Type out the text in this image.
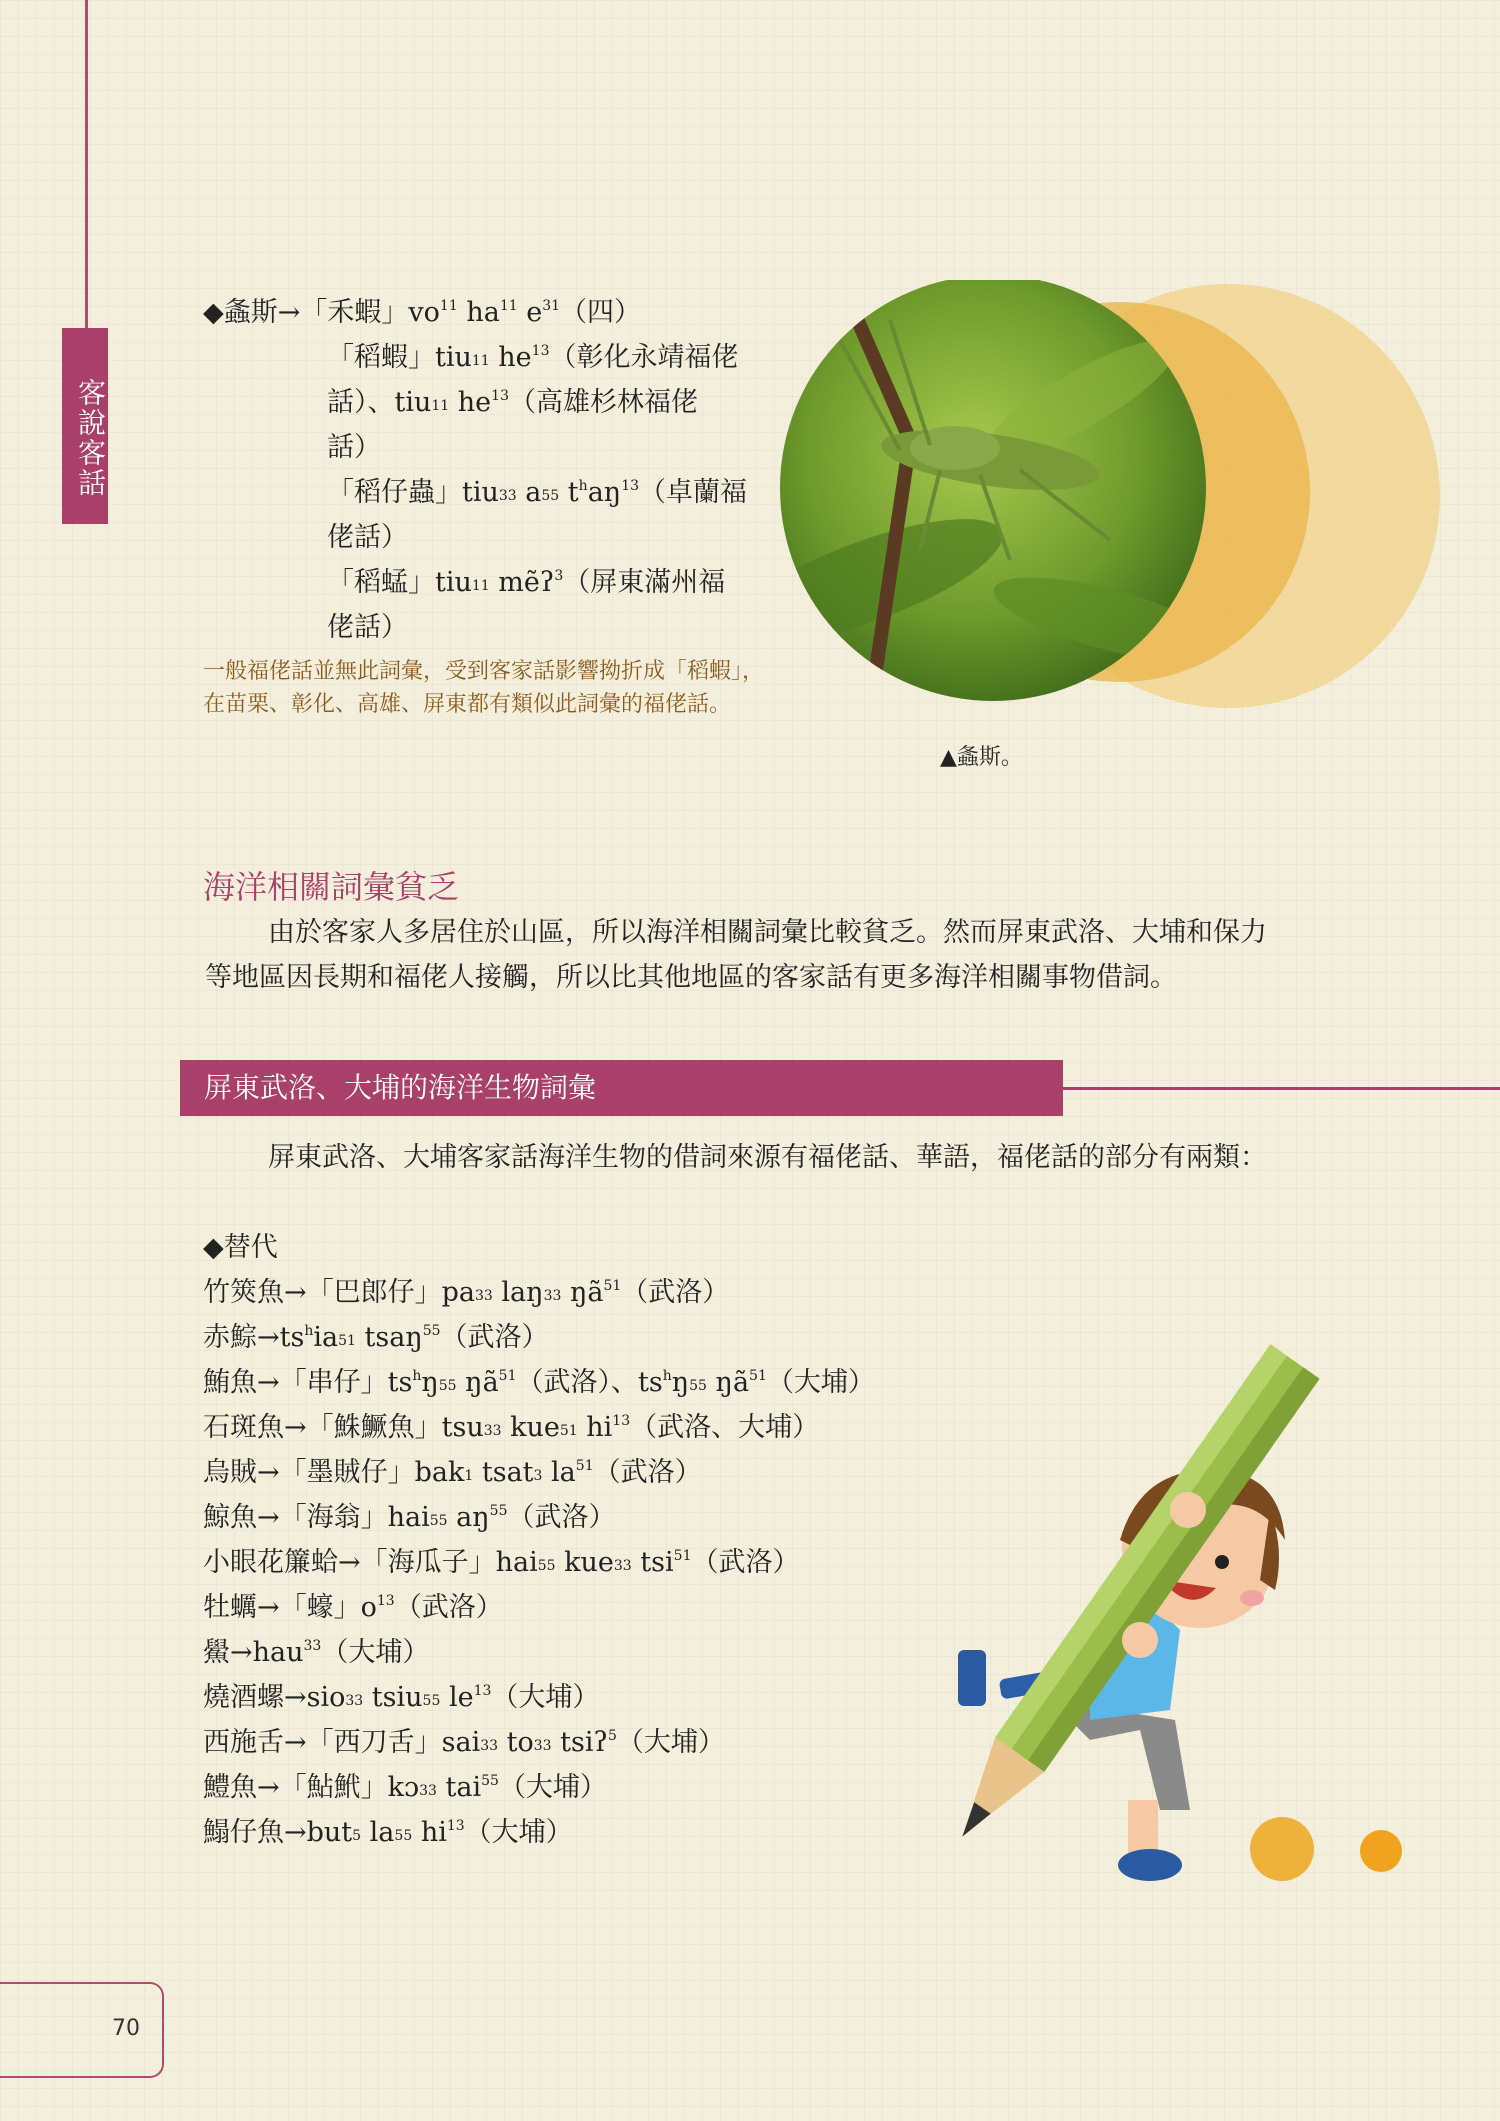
客說客話
◆螽斯→「禾蝦」$vo^{11}$ $ha^{11}$ $e^{31}$（四）
「稻蝦」tiu$_{11}$ $he^{13}$（彰化永靖福佬
話）、tiu$_{11}$ $he^{13}$（高雄杉林福佬
話）
「稻仔蟲」tiu$_{33}$ $a_{55}$ $t^haŋ^{13}$（卓蘭福
佬話）
「稻蜢」tiu$_{11}$ mẽʔ$^3$（屏東滿州福
佬話）
一般福佬話並無此詞彙，受到客家話影響拗折成「稻蝦」，在苗栗、彰化、高雄、屏東都有類似此詞彙的福佬話。
▲螽斯。
海洋相關詞彙貧乏
由於客家人多居住於山區，所以海洋相關詞彙比較貧乏。然而屏東武洛、大埔和保力等地區因長期和福佬人接觸，所以比其他地區的客家話有更多海洋相關事物借詞。
屏東武洛、大埔的海洋生物詞彙
屏東武洛、大埔客家話海洋生物的借詞來源有福佬話、華語，福佬話的部分有兩類：
◆替代
竹筴魚→「巴郎仔」$pa_{33}$ laŋ$_{33}$ $ŋã^{51}$（武洛）
赤鯮$\to ts^hia_{51}$ tsaŋ$^{55}$（武洛）
鮪魚→「串仔」$ts^hŋ_{55}$ $ŋã^{51}$（武洛）、$ts^hŋ_{55}$ $ŋã^{51}$（大埔）
石斑魚→「鮢鱖魚」tsu$_{33}$ kue$_{51}$ $hi^{13}$（武洛、大埔）
烏賊→「墨賊仔」bak$_1$ tsat$_3$ $la^{51}$（武洛）
鯨魚→「海翁」hai$_{55}$ $aŋ^{55}$（武洛）
小眼花簾蛤→「海瓜子」hai$_{55}$ kue$_{33}$ tsi$^{51}$（武洛）
牡蠣→「蠔」$o^{13}$（武洛）
鱟→hau$^{33}$（大埔）
燒酒螺→sio$_{33}$ tsiu$_{55}$ $le^{13}$（大埔）
西施舌→「西刀舌」sai$_{33}$ $to_{33}$ tsiʔ$^5$（大埔）
鱧魚→「鮎鮘」kɔ$_{33}$ tai$^{55}$（大埔）
鰨仔魚→but$_5$ $la_{55}$ $hi^{13}$（大埔）
70
